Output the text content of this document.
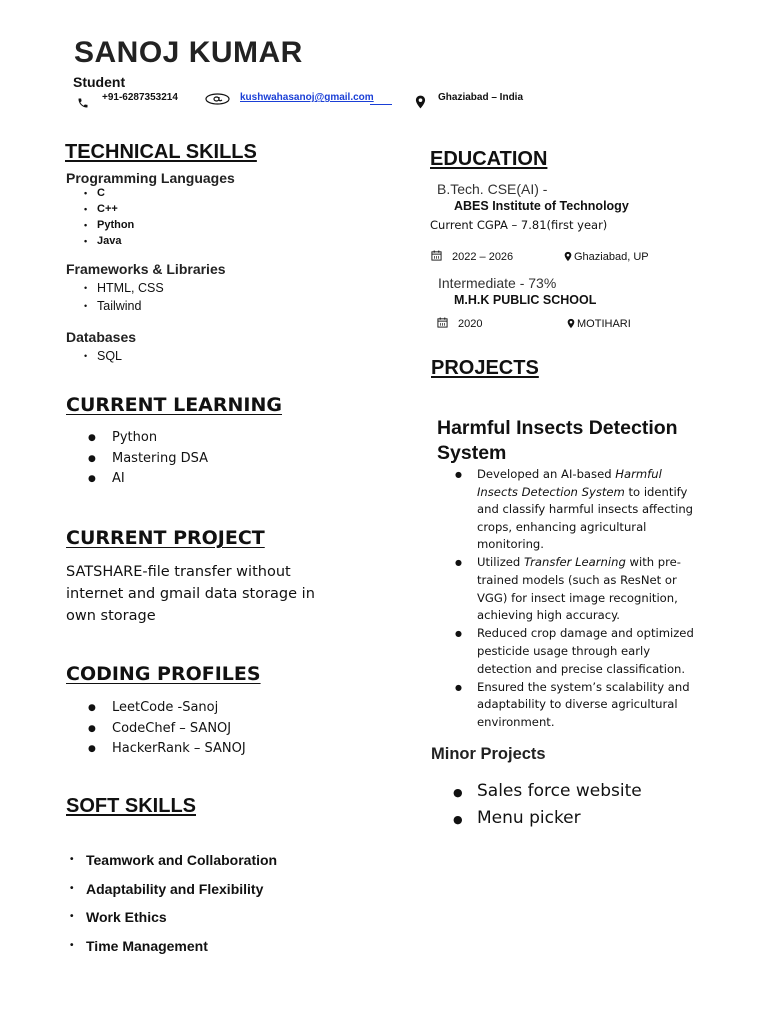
SANOJ KUMAR
Student
+91-6287353214	kushwahasanoj@gmail.com	Ghaziabad – India
TECHNICAL SKILLS
Programming Languages
• C
• C++
• Python
• Java
Frameworks & Libraries
• HTML, CSS
• Tailwind
Databases
• SQL
CURRENT LEARNING
● Python
● Mastering DSA
● AI
CURRENT PROJECT
SATSHARE-file transfer without internet and gmail data storage in own storage
CODING PROFILES
● LeetCode -Sanoj
● CodeChef – SANOJ
● HackerRank – SANOJ
SOFT SKILLS
• Teamwork and Collaboration
• Adaptability and Flexibility
• Work Ethics
• Time Management
EDUCATION
B.Tech. CSE(AI) -
ABES Institute of Technology
Current CGPA – 7.81(first year)
2022 – 2026	Ghaziabad, UP
Intermediate - 73%
M.H.K PUBLIC SCHOOL
2020	MOTIHARI
PROJECTS
Harmful Insects Detection System
● Developed an AI-based Harmful Insects Detection System to identify and classify harmful insects affecting crops, enhancing agricultural monitoring.
● Utilized Transfer Learning with pre-trained models (such as ResNet or VGG) for insect image recognition, achieving high accuracy.
● Reduced crop damage and optimized pesticide usage through early detection and precise classification.
● Ensured the system’s scalability and adaptability to diverse agricultural environment.
Minor Projects
● Sales force website
● Menu picker
